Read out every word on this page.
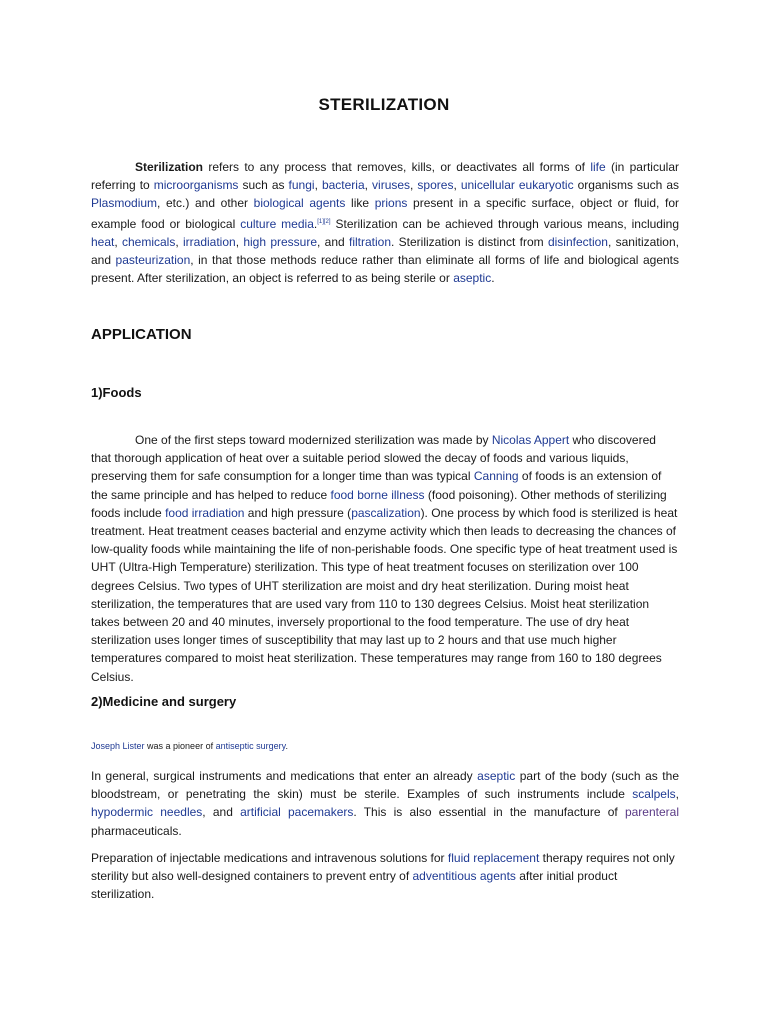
STERILIZATION

Sterilization refers to any process that removes, kills, or deactivates all forms of life (in particular referring to microorganisms such as fungi, bacteria, viruses, spores, unicellular eukaryotic organisms such as Plasmodium, etc.) and other biological agents like prions present in a specific surface, object or fluid, for example food or biological culture media.[1][2] Sterilization can be achieved through various means, including heat, chemicals, irradiation, high pressure, and filtration. Sterilization is distinct from disinfection, sanitization, and pasteurization, in that those methods reduce rather than eliminate all forms of life and biological agents present. After sterilization, an object is referred to as being sterile or aseptic.

APPLICATION
1)Foods

One of the first steps toward modernized sterilization was made by Nicolas Appert who discovered that thorough application of heat over a suitable period slowed the decay of foods and various liquids, preserving them for safe consumption for a longer time than was typical Canning of foods is an extension of the same principle and has helped to reduce food borne illness (food poisoning). Other methods of sterilizing foods include food irradiation and high pressure (pascalization). One process by which food is sterilized is heat treatment. Heat treatment ceases bacterial and enzyme activity which then leads to decreasing the chances of low-quality foods while maintaining the life of non-perishable foods. One specific type of heat treatment used is UHT (Ultra-High Temperature) sterilization. This type of heat treatment focuses on sterilization over 100 degrees Celsius. Two types of UHT sterilization are moist and dry heat sterilization. During moist heat sterilization, the temperatures that are used vary from 110 to 130 degrees Celsius. Moist heat sterilization takes between 20 and 40 minutes, inversely proportional to the food temperature. The use of dry heat sterilization uses longer times of susceptibility that may last up to 2 hours and that use much higher temperatures compared to moist heat sterilization. These temperatures may range from 160 to 180 degrees Celsius.

2)Medicine and surgery
Joseph Lister was a pioneer of antiseptic surgery.

In general, surgical instruments and medications that enter an already aseptic part of the body (such as the bloodstream, or penetrating the skin) must be sterile. Examples of such instruments include scalpels, hypodermic needles, and artificial pacemakers. This is also essential in the manufacture of parenteral pharmaceuticals.

Preparation of injectable medications and intravenous solutions for fluid replacement therapy requires not only sterility but also well-designed containers to prevent entry of adventitious agents after initial product sterilization.
